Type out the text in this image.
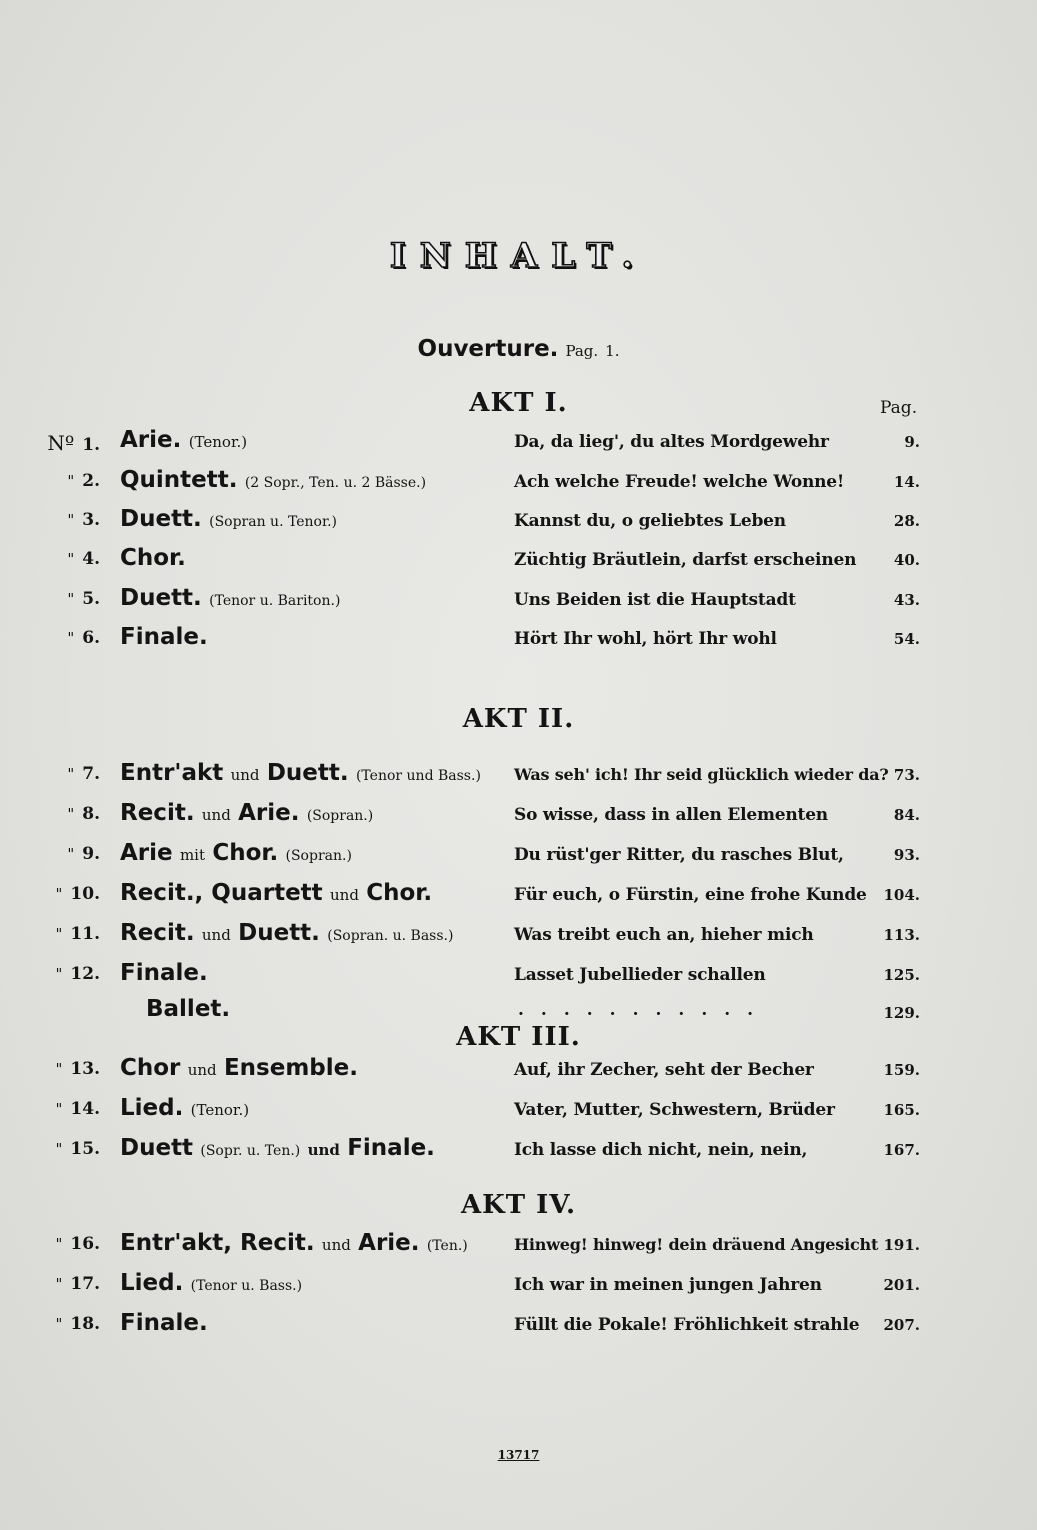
INHALT.
Ouverture. Pag. 1.
AKT I.	Pag.
Nº 1. Arie. (Tenor.)	Da, da lieg', du altes Mordgewehr	9.
" 2. Quintett. (2 Sopr., Ten. u. 2 Bässe.)	Ach welche Freude! welche Wonne!	14.
" 3. Duett. (Sopran u. Tenor.)	Kannst du, o geliebtes Leben	28.
" 4. Chor.	Züchtig Bräutlein, darfst erscheinen	40.
" 5. Duett. (Tenor u. Bariton.)	Uns Beiden ist die Hauptstadt	43.
" 6. Finale.	Hört Ihr wohl, hört Ihr wohl	54.
AKT II.
" 7. Entr'akt und Duett. (Tenor und Bass.) Was seh' ich! Ihr seid glücklich wieder da? 73.
" 8. Recit. und Arie. (Sopran.)	So wisse, dass in allen Elementen	84.
" 9. Arie mit Chor. (Sopran.)	Du rüst'ger Ritter, du rasches Blut,	93.
" 10. Recit., Quartett und Chor.	Für euch, o Fürstin, eine frohe Kunde	104.
" 11. Recit. und Duett. (Sopran. u. Bass.)	Was treibt euch an, hieher mich	113.
" 12. Finale.	Lasset Jubellieder schallen	125.
Ballet.	...........	129.
AKT III.
" 13. Chor und Ensemble.	Auf, ihr Zecher, seht der Becher	159.
" 14. Lied. (Tenor.)	Vater, Mutter, Schwestern, Brüder	165.
" 15. Duett (Sopr. u. Ten.) und Finale.	Ich lasse dich nicht, nein, nein,	167.
AKT IV.
" 16. Entr'akt, Recit. und Arie. (Ten.)	Hinweg! hinweg! dein dräuend Angesicht 191.
" 17. Lied. (Tenor u. Bass.)	Ich war in meinen jungen Jahren	201.
" 18. Finale.	Füllt die Pokale! Fröhlichkeit strahle	207.
13717
